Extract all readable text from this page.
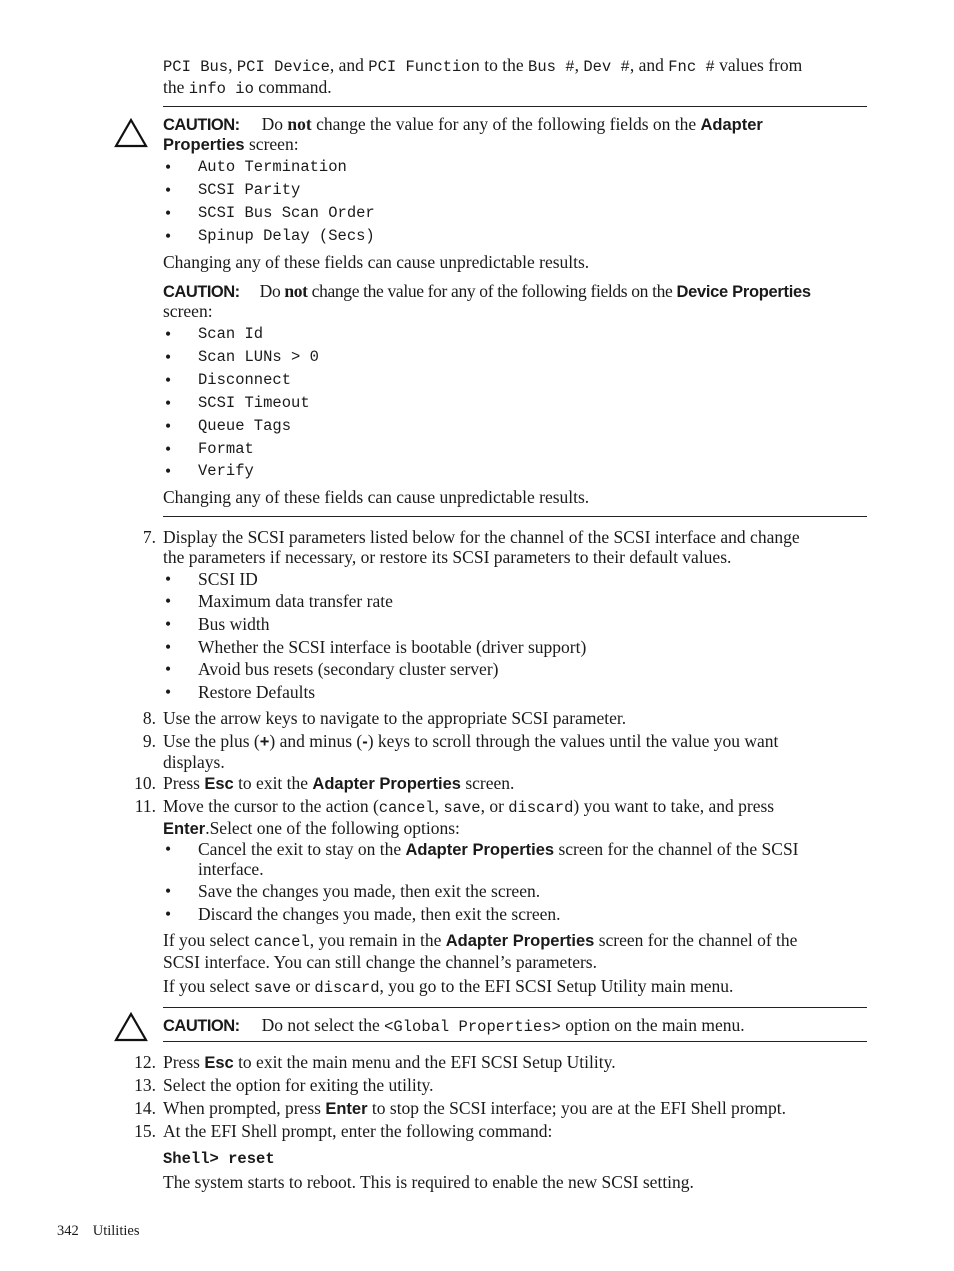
PCI Bus, PCI Device, and PCI Function to the Bus #, Dev #, and Fnc # values from
the info io command.
CAUTION: Do not change the value for any of the following fields on the Adapter
Properties screen:
• Auto Termination
• SCSI Parity
• SCSI Bus Scan Order
• Spinup Delay (Secs)
Changing any of these fields can cause unpredictable results.
CAUTION: Do not change the value for any of the following fields on the Device Properties
screen:
• Scan Id
• Scan LUNs > 0
• Disconnect
• SCSI Timeout
• Queue Tags
• Format
• Verify
Changing any of these fields can cause unpredictable results.
7. Display the SCSI parameters listed below for the channel of the SCSI interface and change
the parameters if necessary, or restore its SCSI parameters to their default values.
• SCSI ID
• Maximum data transfer rate
• Bus width
• Whether the SCSI interface is bootable (driver support)
• Avoid bus resets (secondary cluster server)
• Restore Defaults
8. Use the arrow keys to navigate to the appropriate SCSI parameter.
9. Use the plus (+) and minus (-) keys to scroll through the values until the value you want
displays.
10. Press Esc to exit the Adapter Properties screen.
11. Move the cursor to the action (cancel, save, or discard) you want to take, and press
Enter.Select one of the following options:
• Cancel the exit to stay on the Adapter Properties screen for the channel of the SCSI
interface.
• Save the changes you made, then exit the screen.
• Discard the changes you made, then exit the screen.
If you select cancel, you remain in the Adapter Properties screen for the channel of the
SCSI interface. You can still change the channel’s parameters.
If you select save or discard, you go to the EFI SCSI Setup Utility main menu.
CAUTION: Do not select the <Global Properties> option on the main menu.
12. Press Esc to exit the main menu and the EFI SCSI Setup Utility.
13. Select the option for exiting the utility.
14. When prompted, press Enter to stop the SCSI interface; you are at the EFI Shell prompt.
15. At the EFI Shell prompt, enter the following command:
Shell> reset
The system starts to reboot. This is required to enable the new SCSI setting.
342 Utilities
